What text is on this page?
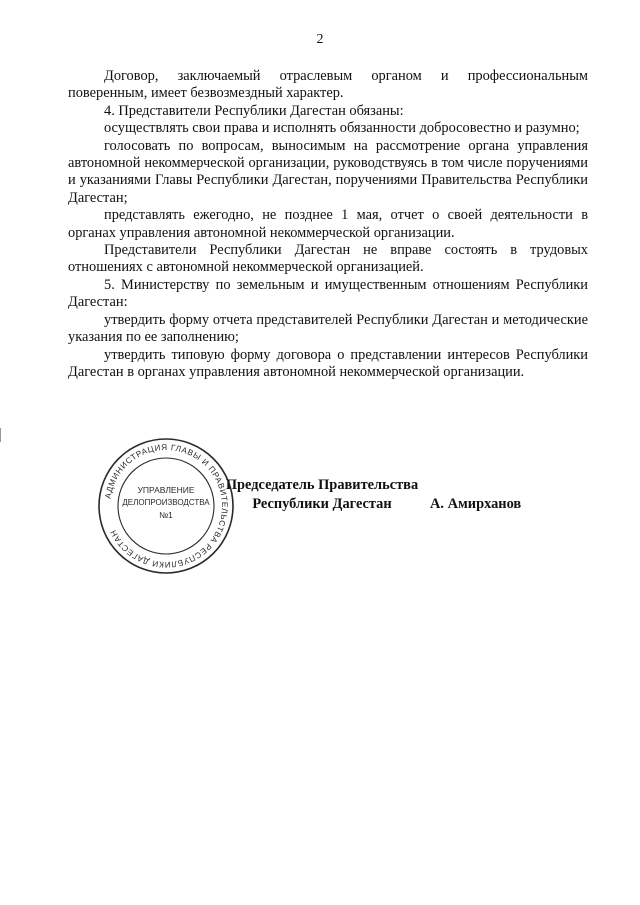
2

Договор, заключаемый отраслевым органом и профессиональным поверенным, имеет безвозмездный характер.

4. Представители Республики Дагестан обязаны:

осуществлять свои права и исполнять обязанности добросовестно и разумно;

голосовать по вопросам, выносимым на рассмотрение органа управления автономной некоммерческой организации, руководствуясь в том числе поручениями и указаниями Главы Республики Дагестан, поручениями Правительства Республики Дагестан;

представлять ежегодно, не позднее 1 мая, отчет о своей деятельности в органах управления автономной некоммерческой организации.

Представители Республики Дагестан не вправе состоять в трудовых отношениях с автономной некоммерческой организацией.

5. Министерству по земельным и имущественным отношениям Республики Дагестан:

утвердить форму отчета представителей Республики Дагестан и методические указания по ее заполнению;

утвердить типовую форму договора о представлении интересов Республики Дагестан в органах управления автономной некоммерческой организации.

АДМИНИСТРАЦИЯ ГЛАВЫ И ПРАВИТЕЛЬСТВА РЕСПУБЛИКИ ДАГЕСТАН
УПРАВЛЕНИЕ
ДЕЛОПРОИЗВОДСТВА
№1
Председатель Правительства
Республики Дагестан	А. Амирханов
